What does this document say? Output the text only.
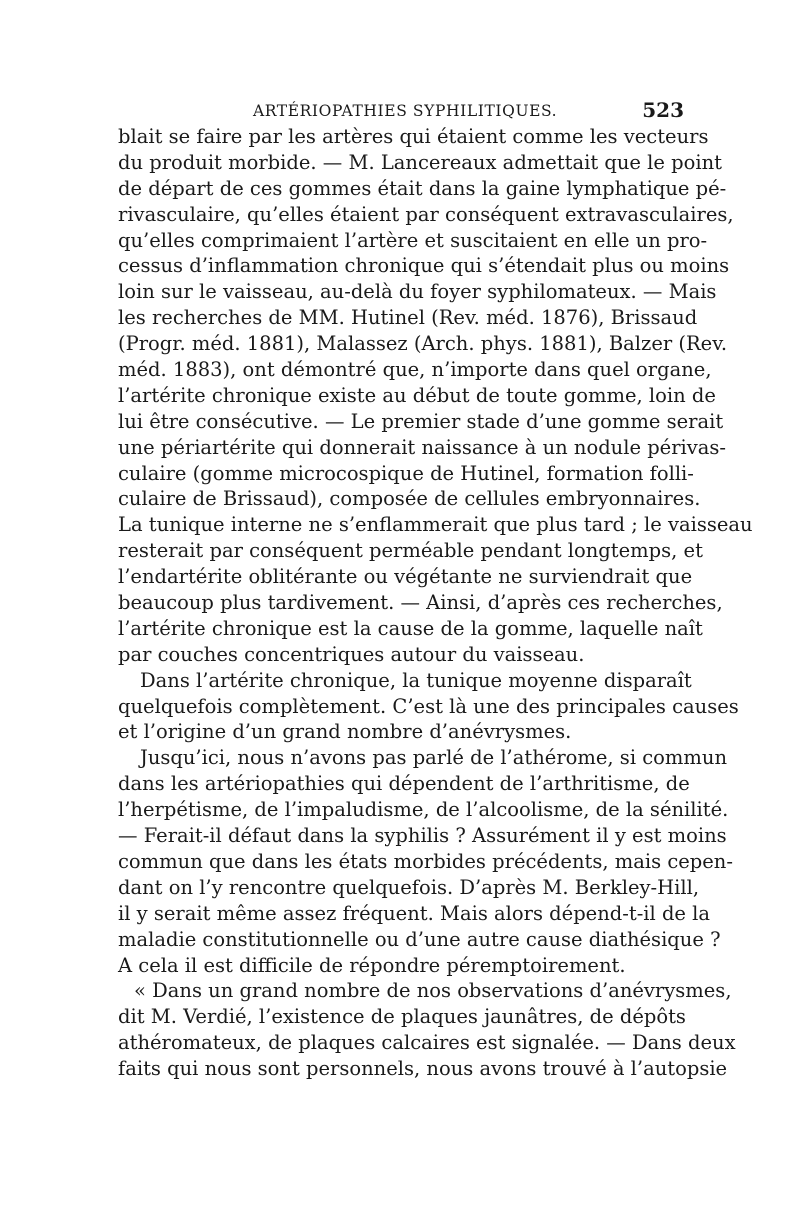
ARTÉRIOPATHIES SYPHILITIQUES.	523
blait se faire par les artères qui étaient comme les vecteurs
du produit morbide. — M. Lancereaux admettait que le point
de départ de ces gommes était dans la gaine lymphatique pé-
rivasculaire, qu’elles étaient par conséquent extravasculaires,
qu’elles comprimaient l’artère et suscitaient en elle un pro-
cessus d’inflammation chronique qui s’étendait plus ou moins
loin sur le vaisseau, au-delà du foyer syphilomateux. — Mais
les recherches de MM. Hutinel (Rev. méd. 1876), Brissaud
(Progr. méd. 1881), Malassez (Arch. phys. 1881), Balzer (Rev.
méd. 1883), ont démontré que, n’importe dans quel organe,
l’artérite chronique existe au début de toute gomme, loin de
lui être consécutive. — Le premier stade d’une gomme serait
une périartérite qui donnerait naissance à un nodule périvas-
culaire (gomme microcospique de Hutinel, formation folli-
culaire de Brissaud), composée de cellules embryonnaires.
La tunique interne ne s’enflammerait que plus tard ; le vaisseau
resterait par conséquent perméable pendant longtemps, et
l’endartérite oblitérante ou végétante ne surviendrait que
beaucoup plus tardivement. — Ainsi, d’après ces recherches,
l’artérite chronique est la cause de la gomme, laquelle naît
par couches concentriques autour du vaisseau.
Dans l’artérite chronique, la tunique moyenne disparaît
quelquefois complètement. C’est là une des principales causes
et l’origine d’un grand nombre d’anévrysmes.
Jusqu’ici, nous n’avons pas parlé de l’athérome, si commun
dans les artériopathies qui dépendent de l’arthritisme, de
l’herpétisme, de l’impaludisme, de l’alcoolisme, de la sénilité.
— Ferait-il défaut dans la syphilis ? Assurément il y est moins
commun que dans les états morbides précédents, mais cepen-
dant on l’y rencontre quelquefois. D’après M. Berkley-Hill,
il y serait même assez fréquent. Mais alors dépend-t-il de la
maladie constitutionnelle ou d’une autre cause diathésique ?
A cela il est difficile de répondre péremptoirement.
« Dans un grand nombre de nos observations d’anévrysmes,
dit M. Verdié, l’existence de plaques jaunâtres, de dépôts
athéromateux, de plaques calcaires est signalée. — Dans deux
faits qui nous sont personnels, nous avons trouvé à l’autopsie
